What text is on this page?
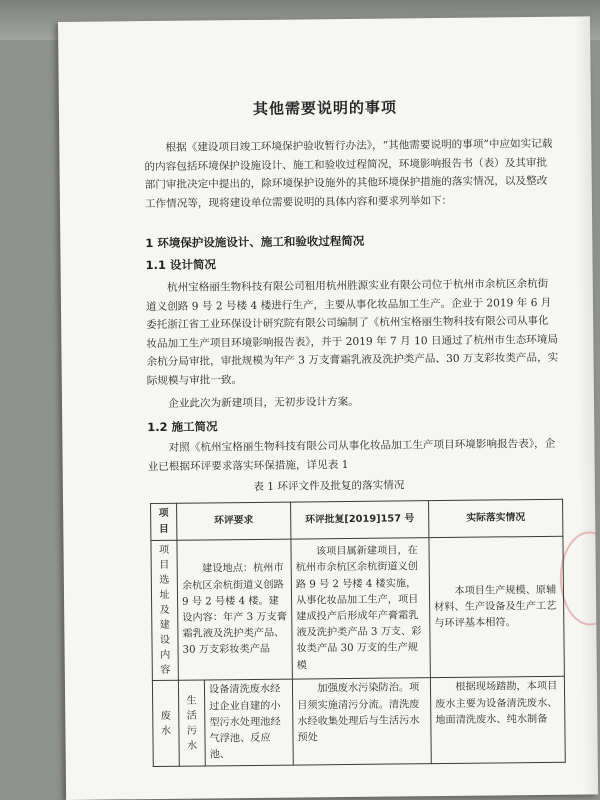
其他需要说明的事项
根据《建设项目竣工环境保护验收暂行办法》，“其他需要说明的事项”中应如实记载的内容包括环境保护设施设计、施工和验收过程简况，环境影响报告书（表）及其审批部门审批决定中提出的，除环境保护设施外的其他环境保护措施的落实情况，以及整改工作情况等，现将建设单位需要说明的具体内容和要求列举如下：
1 环境保护设施设计、施工和验收过程简况
1.1 设计简况
杭州宝格丽生物科技有限公司租用杭州胜源实业有限公司位于杭州市余杭区余杭街道义创路 9 号 2 号楼 4 楼进行生产，主要从事化妆品加工生产。企业于 2019 年 6 月委托浙江省工业环保设计研究院有限公司编制了《杭州宝格丽生物科技有限公司从事化妆品加工生产项目环境影响报告表》，并于 2019 年 7 月 10 日通过了杭州市生态环境局余杭分局审批，审批规模为年产 3 万支膏霜乳液及洗护类产品、30 万支彩妆类产品，实际规模与审批一致。
企业此次为新建项目，无初步设计方案。
1.2 施工简况
对照《杭州宝格丽生物科技有限公司从事化妆品加工生产项目环境影响报告表》，企业已根据环评要求落实环保措施，详见表 1
表 1 环评文件及批复的落实情况
项目	环评要求		环评批复[2019]157 号	实际落实情况
项目选址及建设内容	建设地点：杭州市余杭区余杭街道义创路 9 号 2 号楼 4 楼。建设内容：年产 3 万支膏霜乳液及洗护类产品、30 万支彩妆类产品		该项目属新建项目，在杭州市余杭区余杭街道义创路 9 号 2 号楼 4 楼实施，从事化妆品加工生产，项目建成投产后形成年产膏霜乳液及洗护类产品 3 万支、彩妆类产品 30 万支的生产规模	本项目生产规模、原辅材料、生产设备及生产工艺与环评基本相符。
废水	生活污水	设备清洗废水经过企业自建的小型污水处理池经气浮池、反应池、	加强废水污染防治。项目须实施清污分流。清洗废水经收集处理后与生活污水预处	根据现场踏勘，本项目废水主要为设备清洗废水、地面清洗废水、纯水制备
